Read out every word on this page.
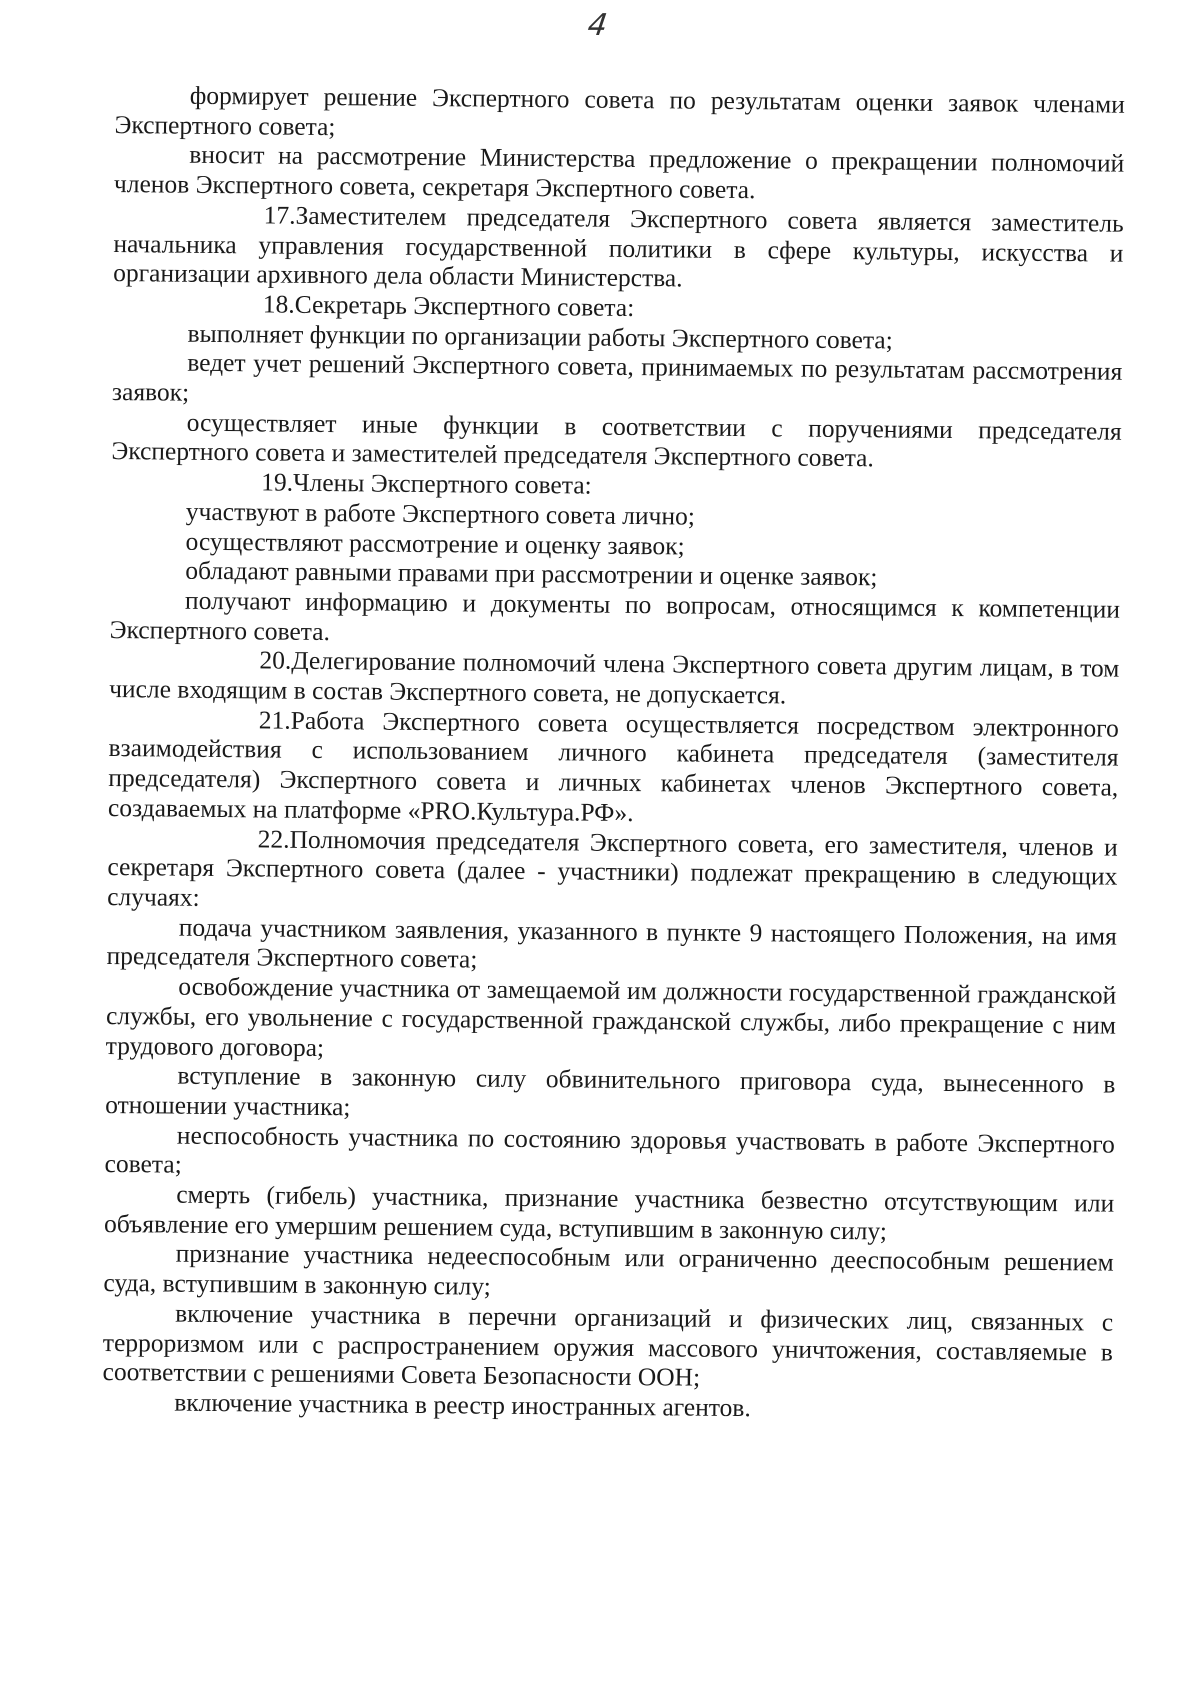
4

формирует решение Экспертного совета по результатам оценки заявок членами Экспертного совета;

вносит на рассмотрение Министерства предложение о прекращении полномочий членов Экспертного совета, секретаря Экспертного совета.

17.Заместителем председателя Экспертного совета является заместитель начальника управления государственной политики в сфере культуры, искусства и организации архивного дела области Министерства.

18.Секретарь Экспертного совета:

выполняет функции по организации работы Экспертного совета;

ведет учет решений Экспертного совета, принимаемых по результатам рассмотрения заявок;

осуществляет иные функции в соответствии с поручениями председателя Экспертного совета и заместителей председателя Экспертного совета.

19.Члены Экспертного совета:

участвуют в работе Экспертного совета лично;

осуществляют рассмотрение и оценку заявок;

обладают равными правами при рассмотрении и оценке заявок;

получают информацию и документы по вопросам, относящимся к компетенции Экспертного совета.

20.Делегирование полномочий члена Экспертного совета другим лицам, в том числе входящим в состав Экспертного совета, не допускается.

21.Работа Экспертного совета осуществляется посредством электронного взаимодействия с использованием личного кабинета председателя (заместителя председателя) Экспертного совета и личных кабинетах членов Экспертного совета, создаваемых на платформе «PRO.Культура.РФ».

22.Полномочия председателя Экспертного совета, его заместителя, членов и секретаря Экспертного совета (далее - участники) подлежат прекращению в следующих случаях:

подача участником заявления, указанного в пункте 9 настоящего Положения, на имя председателя Экспертного совета;

освобождение участника от замещаемой им должности государственной гражданской службы, его увольнение с государственной гражданской службы, либо прекращение с ним трудового договора;

вступление в законную силу обвинительного приговора суда, вынесенного в отношении участника;

неспособность участника по состоянию здоровья участвовать в работе Экспертного совета;

смерть (гибель) участника, признание участника безвестно отсутствующим или объявление его умершим решением суда, вступившим в законную силу;

признание участника недееспособным или ограниченно дееспособным решением суда, вступившим в законную силу;

включение участника в перечни организаций и физических лиц, связанных с терроризмом или с распространением оружия массового уничтожения, составляемые в соответствии с решениями Совета Безопасности ООН;

включение участника в реестр иностранных агентов.
